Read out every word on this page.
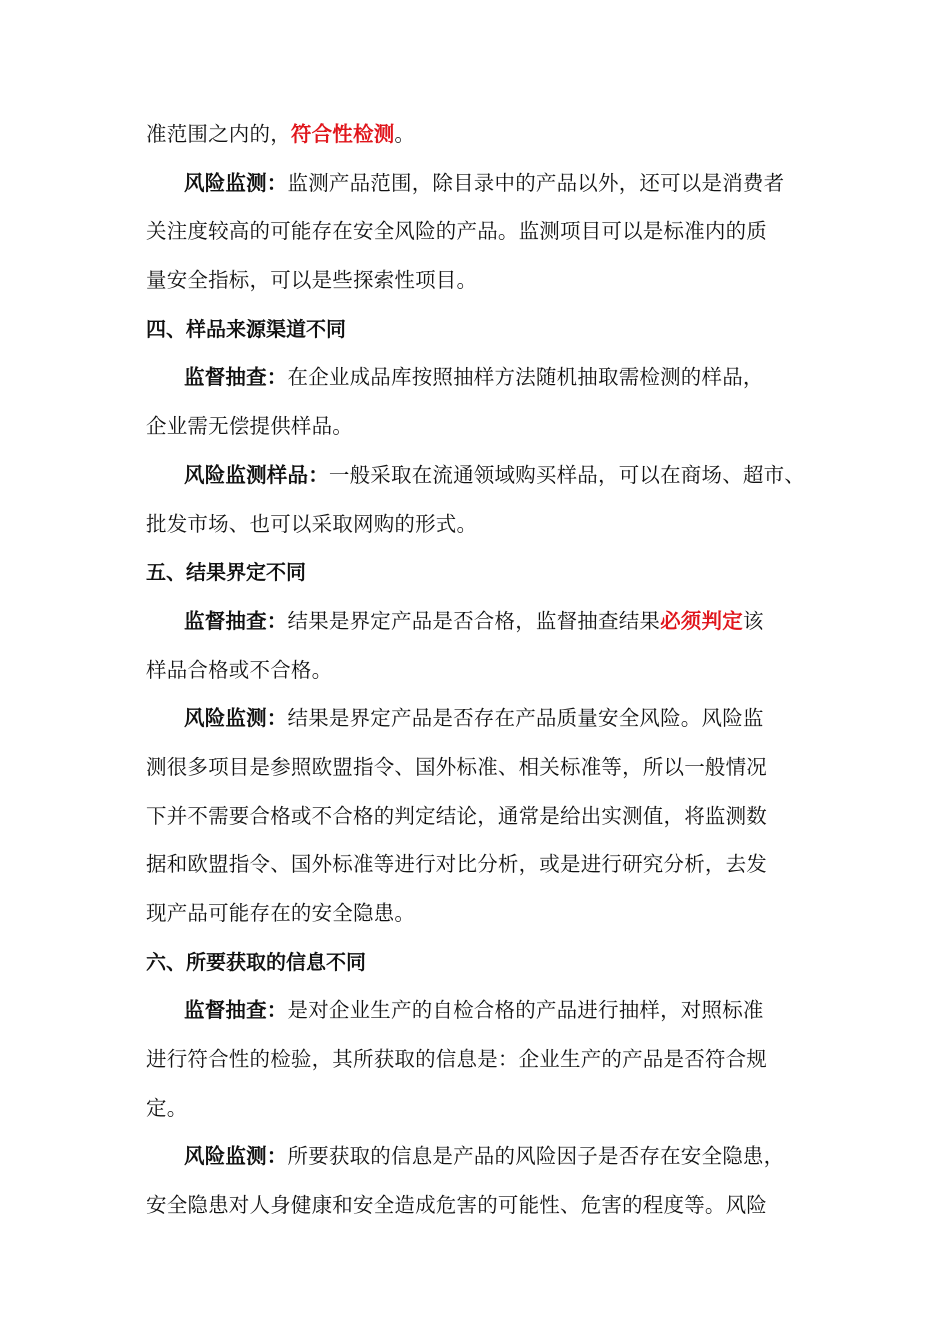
准范围之内的，符合性检测。
风险监测：监测产品范围，除目录中的产品以外，还可以是消费者
关注度较高的可能存在安全风险的产品。监测项目可以是标准内的质
量安全指标，可以是些探索性项目。
四、样品来源渠道不同
监督抽查：在企业成品库按照抽样方法随机抽取需检测的样品，
企业需无偿提供样品。
风险监测样品：一般采取在流通领域购买样品，可以在商场、超市、
批发市场、也可以采取网购的形式。
五、结果界定不同
监督抽查：结果是界定产品是否合格，监督抽查结果必须判定该
样品合格或不合格。
风险监测：结果是界定产品是否存在产品质量安全风险。风险监
测很多项目是参照欧盟指令、国外标准、相关标准等，所以一般情况
下并不需要合格或不合格的判定结论，通常是给出实测值，将监测数
据和欧盟指令、国外标准等进行对比分析，或是进行研究分析，去发
现产品可能存在的安全隐患。
六、所要获取的信息不同
监督抽查：是对企业生产的自检合格的产品进行抽样，对照标准
进行符合性的检验，其所获取的信息是：企业生产的产品是否符合规
定。
风险监测：所要获取的信息是产品的风险因子是否存在安全隐患，
安全隐患对人身健康和安全造成危害的可能性、危害的程度等。风险
